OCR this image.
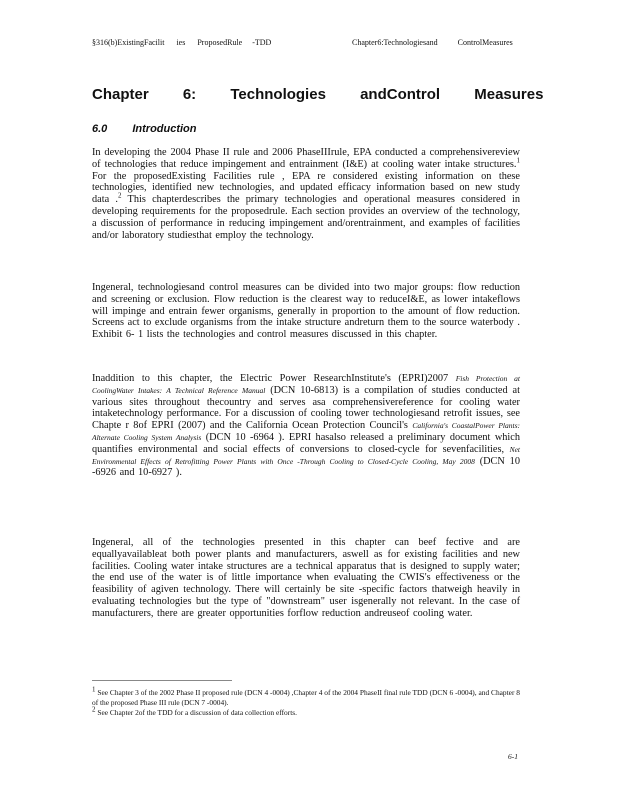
§316(b)ExistingFacilit      ies      ProposedRule     -TDD	Chapter6:Technologiesand          ControlMeasures
Chapter 6: Technologies andControl Measures
6.0 Introduction

In developing the 2004 Phase II rule and 2006 PhaseIIIrule, EPA conducted a comprehensivereview of technologies that reduce impingement and entrainment (I&E) at cooling water intake structures.$^1$ For the proposedExisting Facilities rule , EPA re considered existing information on these technologies, identified new technologies, and updated efficacy information based on new study data .$^2$ This chapterdescribes the primary technologies and operational measures considered in developing requirements for the proposedrule. Each section provides an overview of the technology, a discussion of performance in reducing impingement and/orentrainment, and examples of facilities and/or laboratory studiesthat employ the technology.

Ingeneral, technologiesand control measures can be divided into two major groups: flow reduction and screening or exclusion. Flow reduction is the clearest way to reduceI&E, as lower intakeflows will impinge and entrain fewer organisms, generally in proportion to the amount of flow reduction. Screens act to exclude organisms from the intake structure andreturn them to the source waterbody . Exhibit 6- 1 lists the technologies and control measures discussed in this chapter.

Inaddition to this chapter, the Electric Power ResearchInstitute's (EPRI)2007 Fish Protection at CoolingWater Intakes: A Technical Reference Manual (DCN 10-6813) is a compilation of studies conducted at various sites throughout thecountry and serves asa comprehensivereference for cooling water intaketechnology performance. For a discussion of cooling tower technologiesand retrofit issues, see Chapte r 8of EPRI (2007) and the California Ocean Protection Council's California's CoastalPower Plants: Alternate Cooling System Analysis (DCN 10 -6964 ). EPRI hasalso released a preliminary document which quantifies environmental and social effects of conversions to closed-cycle for sevenfacilities, Net Environmental Effects of Retrofitting Power Plants with Once -Through Cooling to Closed-Cycle Cooling, May 2008 (DCN 10 -6926 and 10-6927 ).

Ingeneral, all of the technologies presented in this chapter can beef fective and are equallyavailableat both power plants and manufacturers, aswell as for existing facilities and new facilities. Cooling water intake structures are a technical apparatus that is designed to supply water; the end use of the water is of little importance when evaluating the CWIS's effectiveness or the feasibility of agiven technology. There will certainly be site -specific factors thatweigh heavily in evaluating technologies but the type of "downstream" user isgenerally not relevant. In the case of manufacturers, there are greater opportunities forflow reduction andreuseof cooling water.

1 See Chapter 3 of the 2002 Phase II proposed rule (DCN 4 -0004) ,Chapter 4 of the 2004 PhaseII final rule TDD (DCN 6 -0004), and Chapter 8 of the proposed Phase III rule (DCN 7 -0004).

2 See Chapter 2of the TDD for a discussion of data collection efforts.

6-1
